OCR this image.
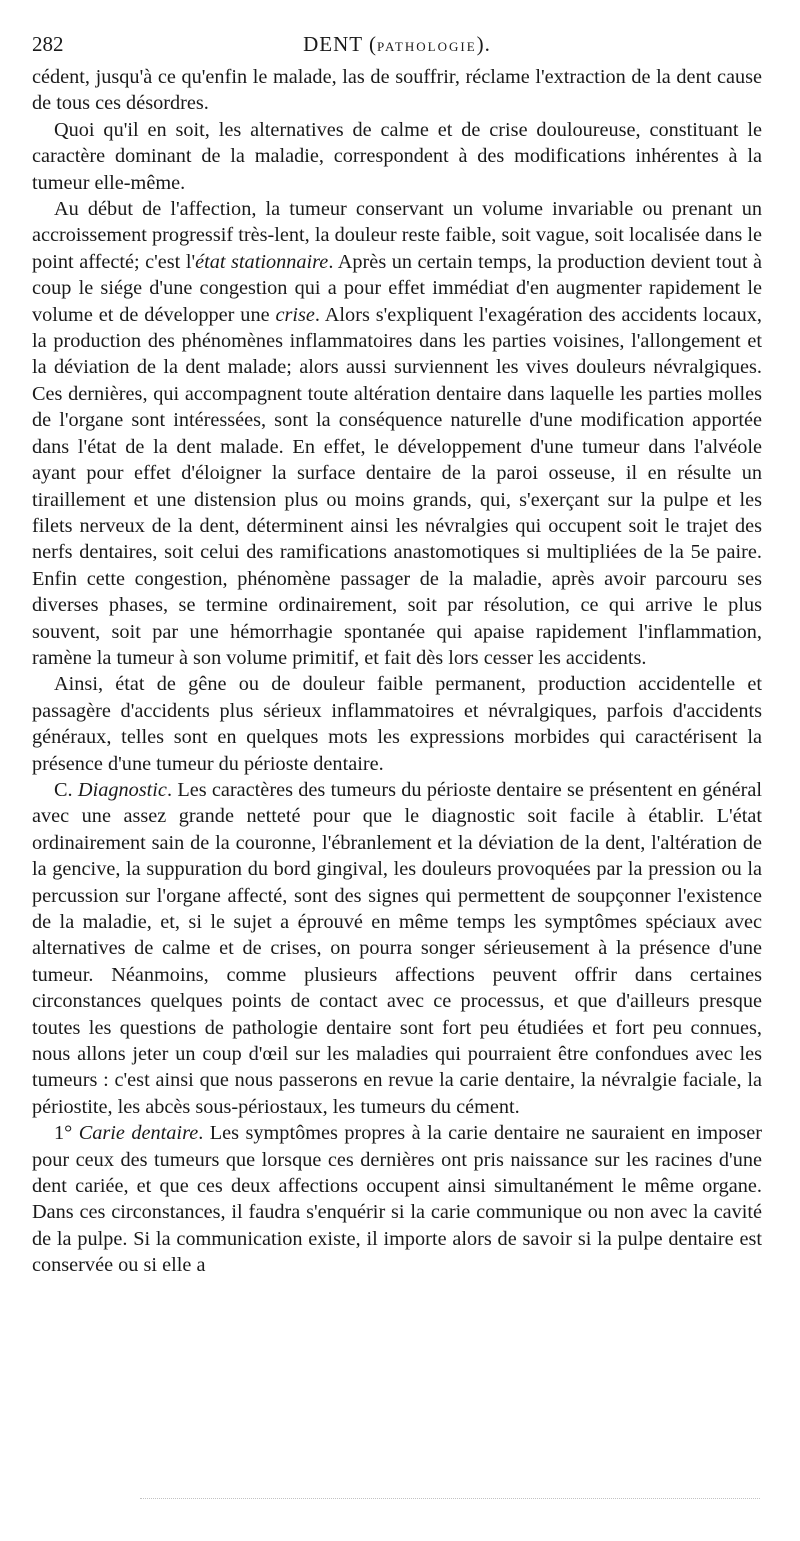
282	DENT (PATHOLOGIE).

cédent, jusqu'à ce qu'enfin le malade, las de souffrir, réclame l'extraction de la dent cause de tous ces désordres.

Quoi qu'il en soit, les alternatives de calme et de crise douloureuse, constituant le caractère dominant de la maladie, correspondent à des modifications inhérentes à la tumeur elle-même.

Au début de l'affection, la tumeur conservant un volume invariable ou prenant un accroissement progressif très-lent, la douleur reste faible, soit vague, soit localisée dans le point affecté; c'est l'état stationnaire. Après un certain temps, la production devient tout à coup le siége d'une congestion qui a pour effet immédiat d'en augmenter rapidement le volume et de développer une crise. Alors s'expliquent l'exagération des accidents locaux, la production des phénomènes inflammatoires dans les parties voisines, l'allongement et la déviation de la dent malade; alors aussi surviennent les vives douleurs névralgiques. Ces dernières, qui accompagnent toute altération dentaire dans laquelle les parties molles de l'organe sont intéressées, sont la conséquence naturelle d'une modification apportée dans l'état de la dent malade. En effet, le développement d'une tumeur dans l'alvéole ayant pour effet d'éloigner la surface dentaire de la paroi osseuse, il en résulte un tiraillement et une distension plus ou moins grands, qui, s'exerçant sur la pulpe et les filets nerveux de la dent, déterminent ainsi les névralgies qui occupent soit le trajet des nerfs dentaires, soit celui des ramifications anastomotiques si multipliées de la 5e paire. Enfin cette congestion, phénomène passager de la maladie, après avoir parcouru ses diverses phases, se termine ordinairement, soit par résolution, ce qui arrive le plus souvent, soit par une hémorrhagie spontanée qui apaise rapidement l'inflammation, ramène la tumeur à son volume primitif, et fait dès lors cesser les accidents.

Ainsi, état de gêne ou de douleur faible permanent, production accidentelle et passagère d'accidents plus sérieux inflammatoires et névralgiques, parfois d'accidents généraux, telles sont en quelques mots les expressions morbides qui caractérisent la présence d'une tumeur du périoste dentaire.

C. Diagnostic. Les caractères des tumeurs du périoste dentaire se présentent en général avec une assez grande netteté pour que le diagnostic soit facile à établir. L'état ordinairement sain de la couronne, l'ébranlement et la déviation de la dent, l'altération de la gencive, la suppuration du bord gingival, les douleurs provoquées par la pression ou la percussion sur l'organe affecté, sont des signes qui permettent de soupçonner l'existence de la maladie, et, si le sujet a éprouvé en même temps les symptômes spéciaux avec alternatives de calme et de crises, on pourra songer sérieusement à la présence d'une tumeur. Néanmoins, comme plusieurs affections peuvent offrir dans certaines circonstances quelques points de contact avec ce processus, et que d'ailleurs presque toutes les questions de pathologie dentaire sont fort peu étudiées et fort peu connues, nous allons jeter un coup d'œil sur les maladies qui pourraient être confondues avec les tumeurs : c'est ainsi que nous passerons en revue la carie dentaire, la névralgie faciale, la périostite, les abcès sous-périostaux, les tumeurs du cément.

1° Carie dentaire. Les symptômes propres à la carie dentaire ne sauraient en imposer pour ceux des tumeurs que lorsque ces dernières ont pris naissance sur les racines d'une dent cariée, et que ces deux affections occupent ainsi simultanément le même organe. Dans ces circonstances, il faudra s'enquérir si la carie communique ou non avec la cavité de la pulpe. Si la communication existe, il importe alors de savoir si la pulpe dentaire est conservée ou si elle a
